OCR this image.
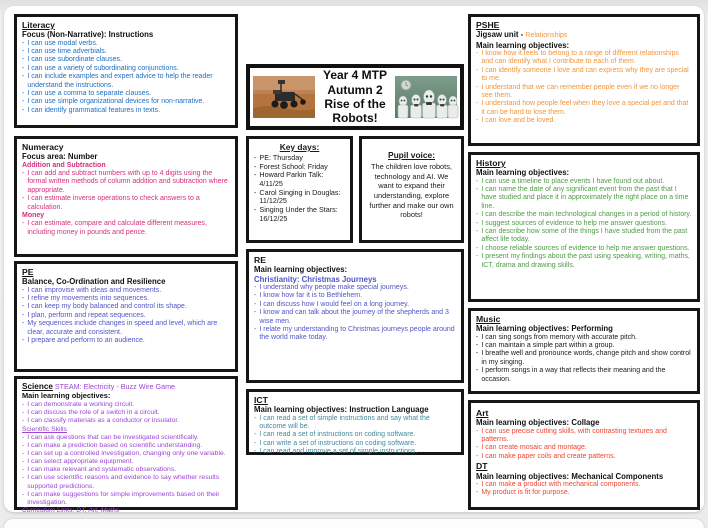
Literacy
Focus (Non-Narrative): Instructions
- I can use modal verbs.
- I can use time adverbials.
- I can use subordinate clauses.
- I can use a variety of subordinating conjunctions.
- I can include examples and expert advice to help the reader understand the instructions.
- I can use a comma to separate clauses.
- I can use simple organizational devices for non-narrative.
- I can identify grammatical features in texts.
Numeracy
Focus area: Number
Addition and Subtraction
- I can add and subtract numbers with up to 4 digits using the formal written methods of column addition and subtraction where appropriate.
- I can estimate inverse operations to check answers to a calculation.
Money
- I can estimate, compare and calculate different measures, including money in pounds and pence.
PE
Balance, Co-Ordination and Resilience
- I can improvise with ideas and movements.
- I refine my movements into sequences.
- I can keep my body balanced and control its shape.
- I plan, perform and repeat sequences.
- My sequences include changes in speed and level, which are clear, accurate and consistent.
- I prepare and perform to an audience.
Science STEAM: Electricity - Buzz Wire Game
Main learning objectives:
- I can demonstrate a working circuit.
- I can discuss the role of a switch in a circuit.
- I can classify materials as a conductor or insulator.
Scientific Skills
- I can ask questions that can be investigated scientifically.
- I can make a prediction based on scientific understanding.
- I can set up a controlled investigation, changing only one variable.
- I can select appropriate equipment.
- I can make relevant and systematic observations.
- I can use scientific reasons and evidence to say whether results supported predictions.
- I can make suggestions for simple improvements based on their investigation.
Curriculum Links: DT, Art, Maths
Year 4 MTP Autumn 2 Rise of the Robots!
Key days:
- PE: Thursday
- Forest School: Friday
- Howard Parkin Talk: 4/11/25
- Carol Singing in Douglas: 11/12/25
- Singing Under the Stars: 16/12/25
Pupil voice:
The children love robots, technology and AI. We want to expand their understanding, explore further and make our own robots!
RE
Main learning objectives:
Christianity: Christmas Journeys
- I understand why people make special journeys.
- I know how far it is to Bethlehem.
- I can discuss how I would feel on a long journey.
- I know and can talk about the journey of the shepherds and 3 wise men.
- I relate my understanding to Christmas journeys people around the world make today.
ICT
Main learning objectives: Instruction Language
- I can read a set of simple instructions and say what the outcome will be.
- I can read a set of instructions on coding software.
- I can write a set of instructions on coding software.
- I can read and improve a set of simple instructions.
PSHE
Jigsaw unit - Relationships
Main learning objectives:
- I know how it feels to belong to a range of different relationships and can identify what I contribute to each of them.
- I can identify someone I love and can express why they are special to me.
- I understand that we can remember people even if we no longer see them.
- I understand how people feel when they love a special pet and that it can be hard to lose them.
- I can love and be loved.
History
Main learning objectives:
- I can use a timeline to place events I have found out about.
- I can name the date of any significant event from the past that I have studied and place it in approximately the right place on a time line.
- I can describe the main technological changes in a period of history.
- I suggest sources of evidence to help me answer questions.
- I can describe how some of the things I have studied from the past affect life today.
- I choose reliable sources of evidence to help me answer questions.
- I present my findings about the past using speaking, writing, maths, ICT, drama and drawing skills.
Music
Main learning objectives: Performing
- I can sing songs from memory with accurate pitch.
- I can maintain a simple part within a group.
- I breathe well and pronounce words, change pitch and show control in my singing.
- I perform songs in a way that reflects their meaning and the occasion.
Art
Main learning objectives: Collage
- I can use precise cutting skills, with contrasting textures and patterns.
- I can create mosaic and montage.
- I can make paper coils and create patterns.
DT
Main learning objectives: Mechanical Components
- I can make a product with mechanical components.
- My product is fit for purpose.
